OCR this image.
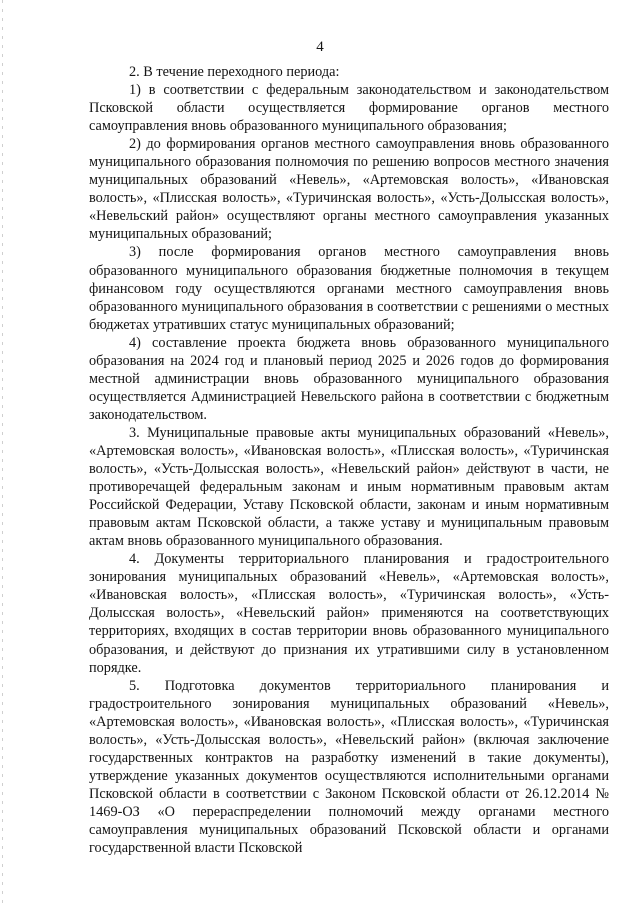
4

2. В течение переходного периода:

1) в соответствии с федеральным законодательством и законодательством Псковской области осуществляется формирование органов местного самоуправления вновь образованного муниципального образования;

2) до формирования органов местного самоуправления вновь образованного муниципального образования полномочия по решению вопросов местного значения муниципальных образований «Невель», «Артемовская волость», «Ивановская волость», «Плисская волость», «Туричинская волость», «Усть-Долысская волость», «Невельский район» осуществляют органы местного самоуправления указанных муниципальных образований;

3) после формирования органов местного самоуправления вновь образованного муниципального образования бюджетные полномочия в текущем финансовом году осуществляются органами местного самоуправления вновь образованного муниципального образования в соответствии с решениями о местных бюджетах утративших статус муниципальных образований;

4) составление проекта бюджета вновь образованного муниципального образования на 2024 год и плановый период 2025 и 2026 годов до формирования местной администрации вновь образованного муниципального образования осуществляется Администрацией Невельского района в соответствии с бюджетным законодательством.

3. Муниципальные правовые акты муниципальных образований «Невель», «Артемовская волость», «Ивановская волость», «Плисская волость», «Туричинская волость», «Усть-Долысская волость», «Невельский район» действуют в части, не противоречащей федеральным законам и иным нормативным правовым актам Российской Федерации, Уставу Псковской области, законам и иным нормативным правовым актам Псковской области, а также уставу и муниципальным правовым актам вновь образованного муниципального образования.

4. Документы территориального планирования и градостроительного зонирования муниципальных образований «Невель», «Артемовская волость», «Ивановская волость», «Плисская волость», «Туричинская волость», «Усть-Долысская волость», «Невельский район» применяются на соответствующих территориях, входящих в состав территории вновь образованного муниципального образования, и действуют до признания их утратившими силу в установленном порядке.

5. Подготовка документов территориального планирования и градостроительного зонирования муниципальных образований «Невель», «Артемовская волость», «Ивановская волость», «Плисская волость», «Туричинская волость», «Усть-Долысская волость», «Невельский район» (включая заключение государственных контрактов на разработку изменений в такие документы), утверждение указанных документов осуществляются исполнительными органами Псковской области в соответствии с Законом Псковской области от 26.12.2014 № 1469-ОЗ «О перераспределении полномочий между органами местного самоуправления муниципальных образований Псковской области и органами государственной власти Псковской
